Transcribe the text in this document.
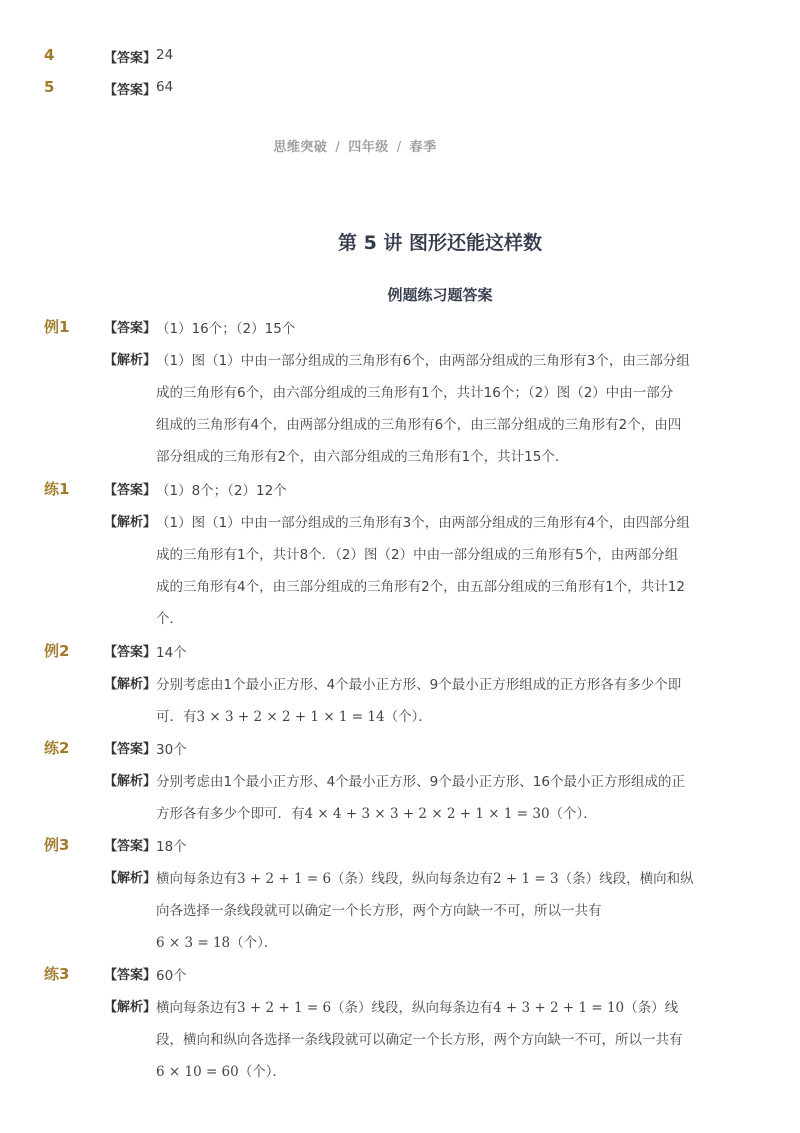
4	【答案】 24
5	【答案】 64
思维突破 / 四年级 / 春季
第 5 讲 图形还能这样数
例题练习题答案
例1	【答案】 （1）16个；（2）15个
【解析】 （1）图（1）中由一部分组成的三角形有6个，由两部分组成的三角形有3个，由三部分组
成的三角形有6个，由六部分组成的三角形有1个，共计16个；（2）图（2）中由一部分
组成的三角形有4个，由两部分组成的三角形有6个，由三部分组成的三角形有2个，由四
部分组成的三角形有2个，由六部分组成的三角形有1个，共计15个．
练1	【答案】 （1）8个；（2）12个
【解析】 （1）图（1）中由一部分组成的三角形有3个，由两部分组成的三角形有4个，由四部分组
成的三角形有1个，共计8个．（2）图（2）中由一部分组成的三角形有5个，由两部分组
成的三角形有4个，由三部分组成的三角形有2个，由五部分组成的三角形有1个，共计12
个．
例2	【答案】 14个
【解析】 分别考虑由1个最小正方形、4个最小正方形、9个最小正方形组成的正方形各有多少个即
可．有3 × 3 + 2 × 2 + 1 × 1 = 14（个）．
练2	【答案】 30个
【解析】 分别考虑由1个最小正方形、4个最小正方形、9个最小正方形、16个最小正方形组成的正
方形各有多少个即可．有4 × 4 + 3 × 3 + 2 × 2 + 1 × 1 = 30（个）．
例3	【答案】 18个
【解析】 横向每条边有3 + 2 + 1 = 6（条）线段，纵向每条边有2 + 1 = 3（条）线段，横向和纵
向各选择一条线段就可以确定一个长方形，两个方向缺一不可，所以一共有
6 × 3 = 18（个）．
练3	【答案】 60个
【解析】 横向每条边有3 + 2 + 1 = 6（条）线段，纵向每条边有4 + 3 + 2 + 1 = 10（条）线
段，横向和纵向各选择一条线段就可以确定一个长方形，两个方向缺一不可，所以一共有
6 × 10 = 60（个）．
